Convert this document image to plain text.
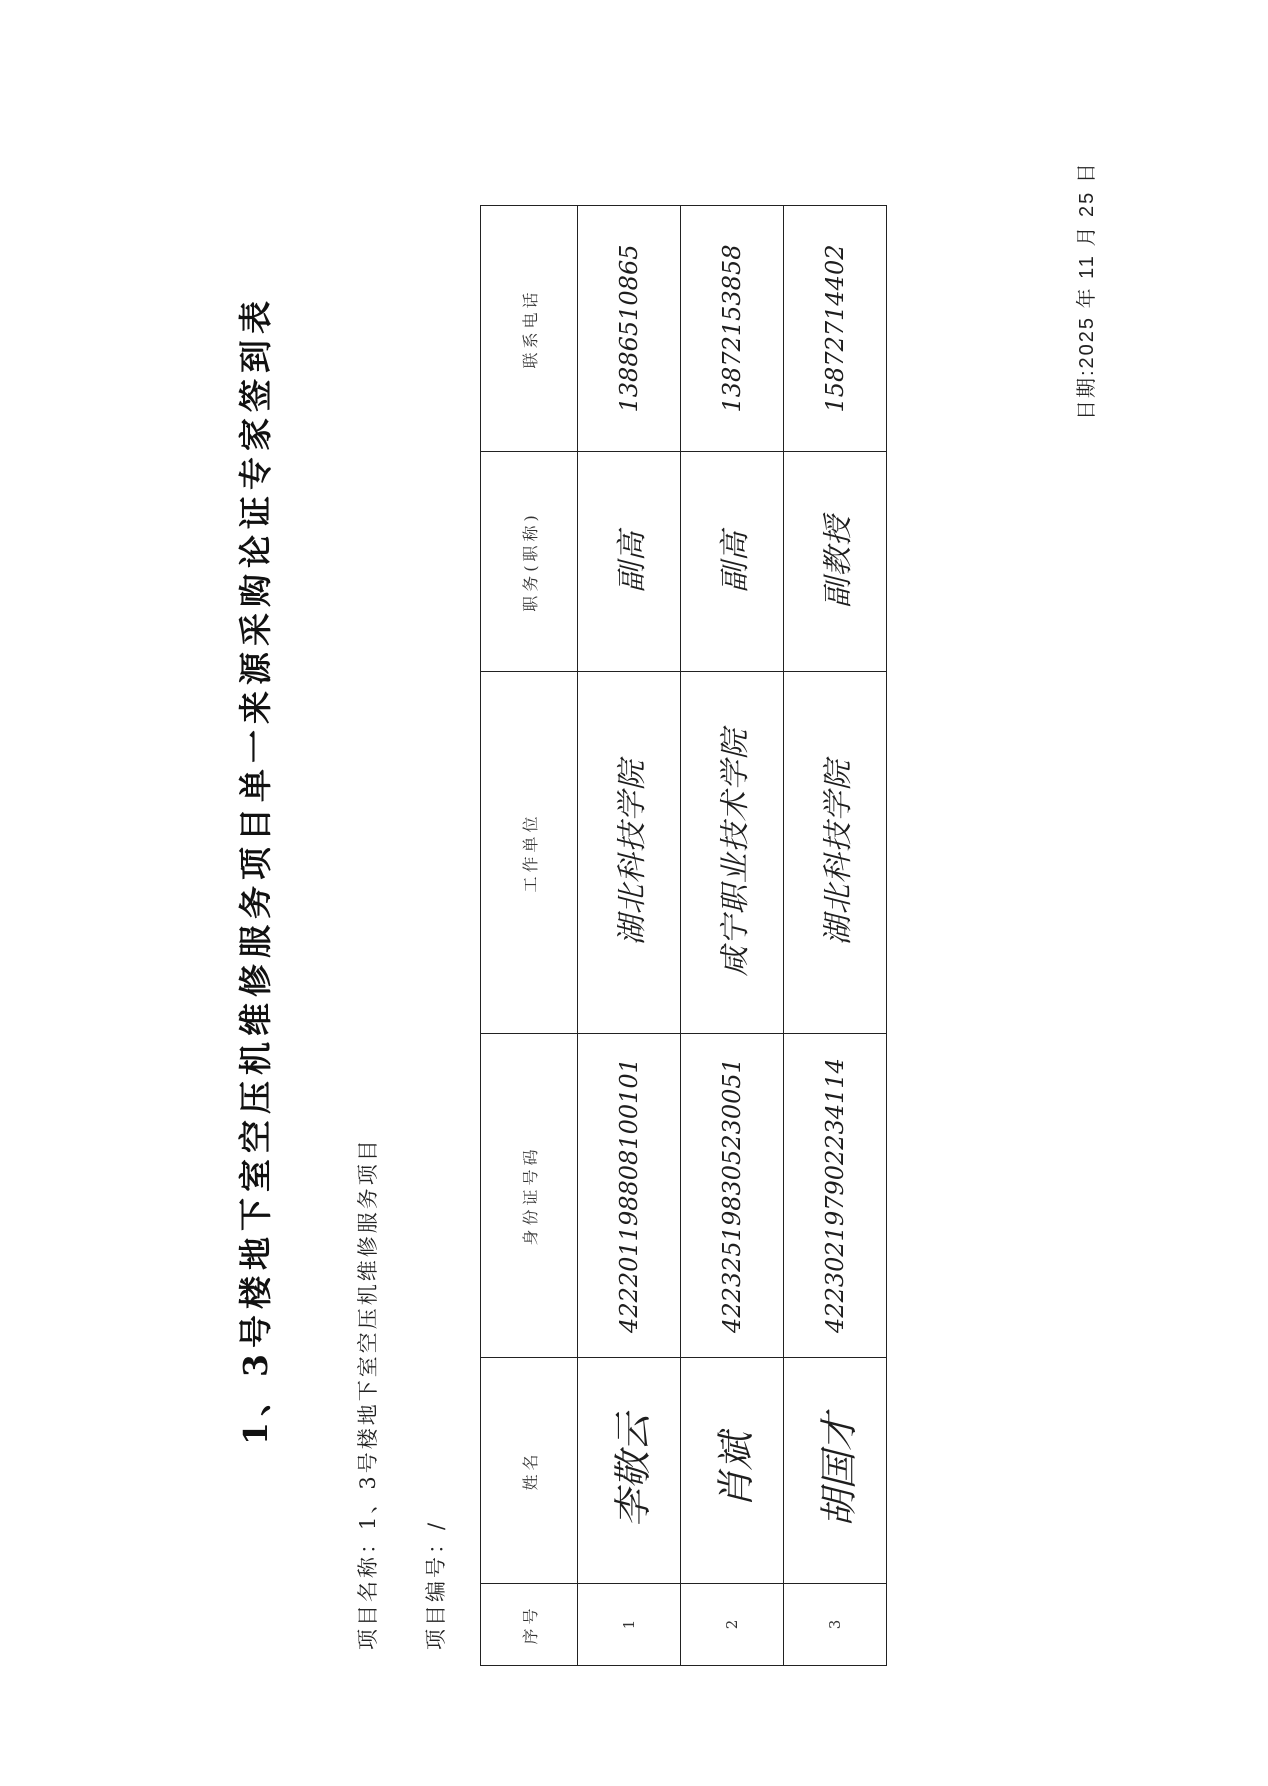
1、3号楼地下室空压机维修服务项目单一来源采购论证专家签到表
项目名称：1、3号楼地下室空压机维修服务项目
项目编号：/
序号	姓名	身份证号码	工作单位	职务(职称)	联系电话
1	李敬云	422201198808100101	湖北科技学院	副高	13886510865
2	肖斌	422325198305230051	咸宁职业技术学院	副高	13872153858
3	胡国才	422302197902234114	湖北科技学院	副教授	15872714402	日期:2025 年 11 月 25 日
